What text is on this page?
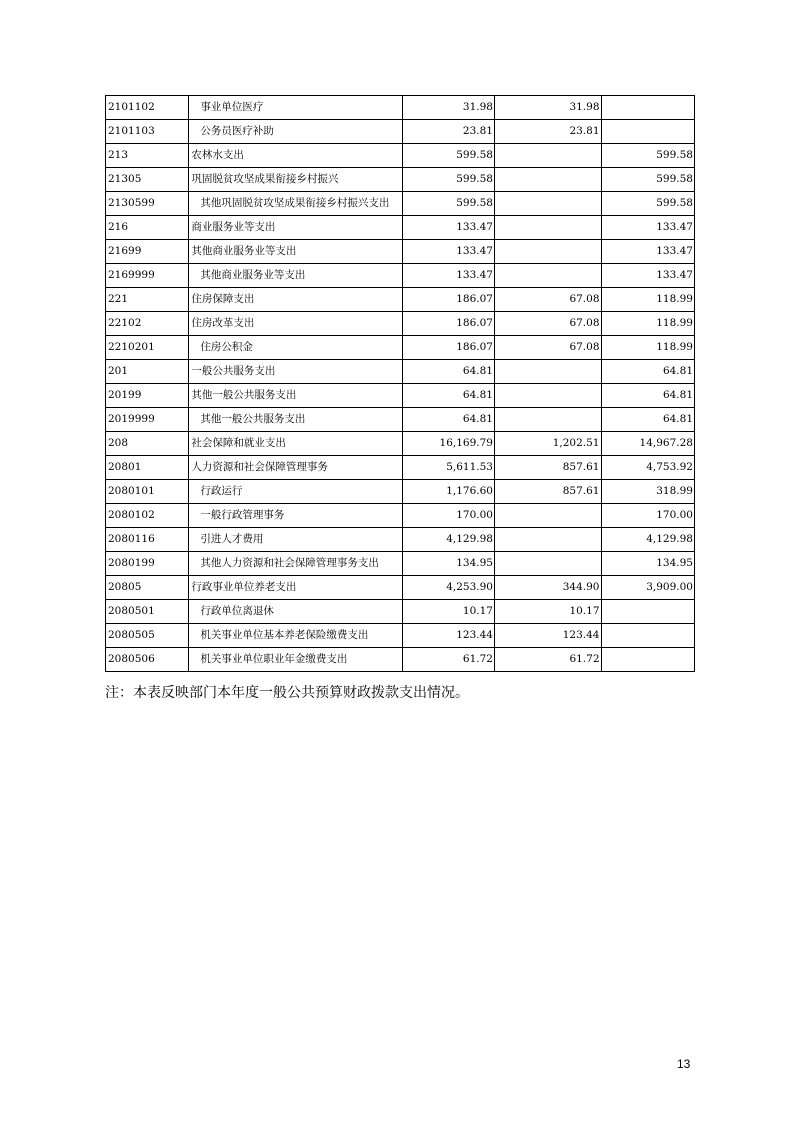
2101102	事业单位医疗	31.98	31.98	
2101103	公务员医疗补助	23.81	23.81	
213	农林水支出	599.58		599.58
21305	巩固脱贫攻坚成果衔接乡村振兴	599.58		599.58
2130599	其他巩固脱贫攻坚成果衔接乡村振兴支出	599.58		599.58
216	商业服务业等支出	133.47		133.47
21699	其他商业服务业等支出	133.47		133.47
2169999	其他商业服务业等支出	133.47		133.47
221	住房保障支出	186.07	67.08	118.99
22102	住房改革支出	186.07	67.08	118.99
2210201	住房公积金	186.07	67.08	118.99
201	一般公共服务支出	64.81		64.81
20199	其他一般公共服务支出	64.81		64.81
2019999	其他一般公共服务支出	64.81		64.81
208	社会保障和就业支出	16,169.79	1,202.51	14,967.28
20801	人力资源和社会保障管理事务	5,611.53	857.61	4,753.92
2080101	行政运行	1,176.60	857.61	318.99
2080102	一般行政管理事务	170.00		170.00
2080116	引进人才费用	4,129.98		4,129.98
2080199	其他人力资源和社会保障管理事务支出	134.95		134.95
20805	行政事业单位养老支出	4,253.90	344.90	3,909.00
2080501	行政单位离退休	10.17	10.17	
2080505	机关事业单位基本养老保险缴费支出	123.44	123.44	
2080506	机关事业单位职业年金缴费支出	61.72	61.72	
注：本表反映部门本年度一般公共预算财政拨款支出情况。
13
